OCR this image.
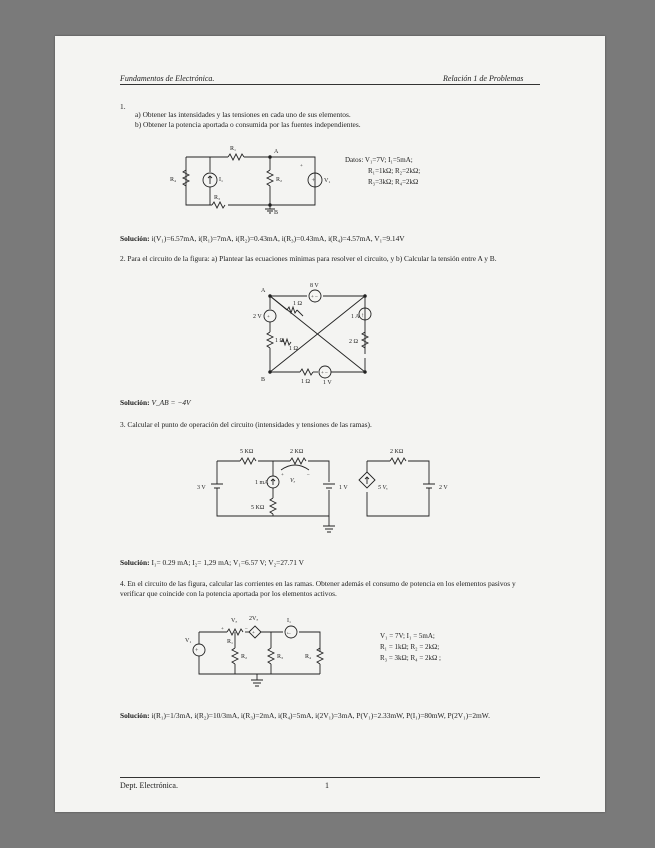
Fundamentos de Electrónica.	Relación 1 de Problemas
1.
a) Obtener las intensidades y las tensiones en cada uno de sus elementos.
b) Obtener la potencia aportada o consumida por las fuentes independientes.
+
+
R₁	A
B
R₄	I₁
R₃
R₂	V₁
Datos: V₁=7V; I₁=5mA;
R₁=1kΩ; R₂=2kΩ;
R₃=3kΩ; R₄=2kΩ
Solución: i(V₁)=6.57mA, i(R₁)=7mA, i(R₂)=0.43mA, i(R₃)=0.43mA, i(R₄)=4.57mA, V₁=9.14V
2. Para el circuito de la figura: a) Plantear las ecuaciones mínimas para resolver el circuito, y b) Calcular la tensión entre A y B.
+ –
+
+ –
↑
A
B
8 V
2 V	1 A
1 Ω
2 Ω
1 Ω
1 Ω
1 Ω 1 V
Solución: V_AB = −4V
3. Calcular el punto de operación del circuito (intensidades y tensiones de las ramas).
+	–
5 KΩ	2 KΩ	2 KΩ
1 mA	Vₓ
5 KΩ
3 V	1 V	2 V
5 Vₓ
Solución: I₁= 0.29 mA; I₂= 1,29 mA; V₁=6.57 V; V₂=27.71 V
4. En el circuito de las figura, calcular las corrientes en las ramas. Obtener además el consumo de potencia en los elementos pasivos y verificar que coincide con la potencia aportada por los elementos activos.
+	←
+
+	–
Vₓ 2Vₓ	I₁
V₁	R₁
R₂	R₃	R₄
V₁ = 7V; I₁ = 5mA;
R₁ = 1kΩ; R₂ = 2kΩ;
R₃ = 3kΩ; R₄ = 2kΩ ;
Solución: i(R₁)=1/3mA, i(R₂)=10/3mA, i(R₃)=2mA, i(R₄)=5mA, i(2V₁)=3mA, P(V₁)=2.33mW, P(I₁)=80mW, P(2V₁)=2mW.
Dept. Electrónica.	1
